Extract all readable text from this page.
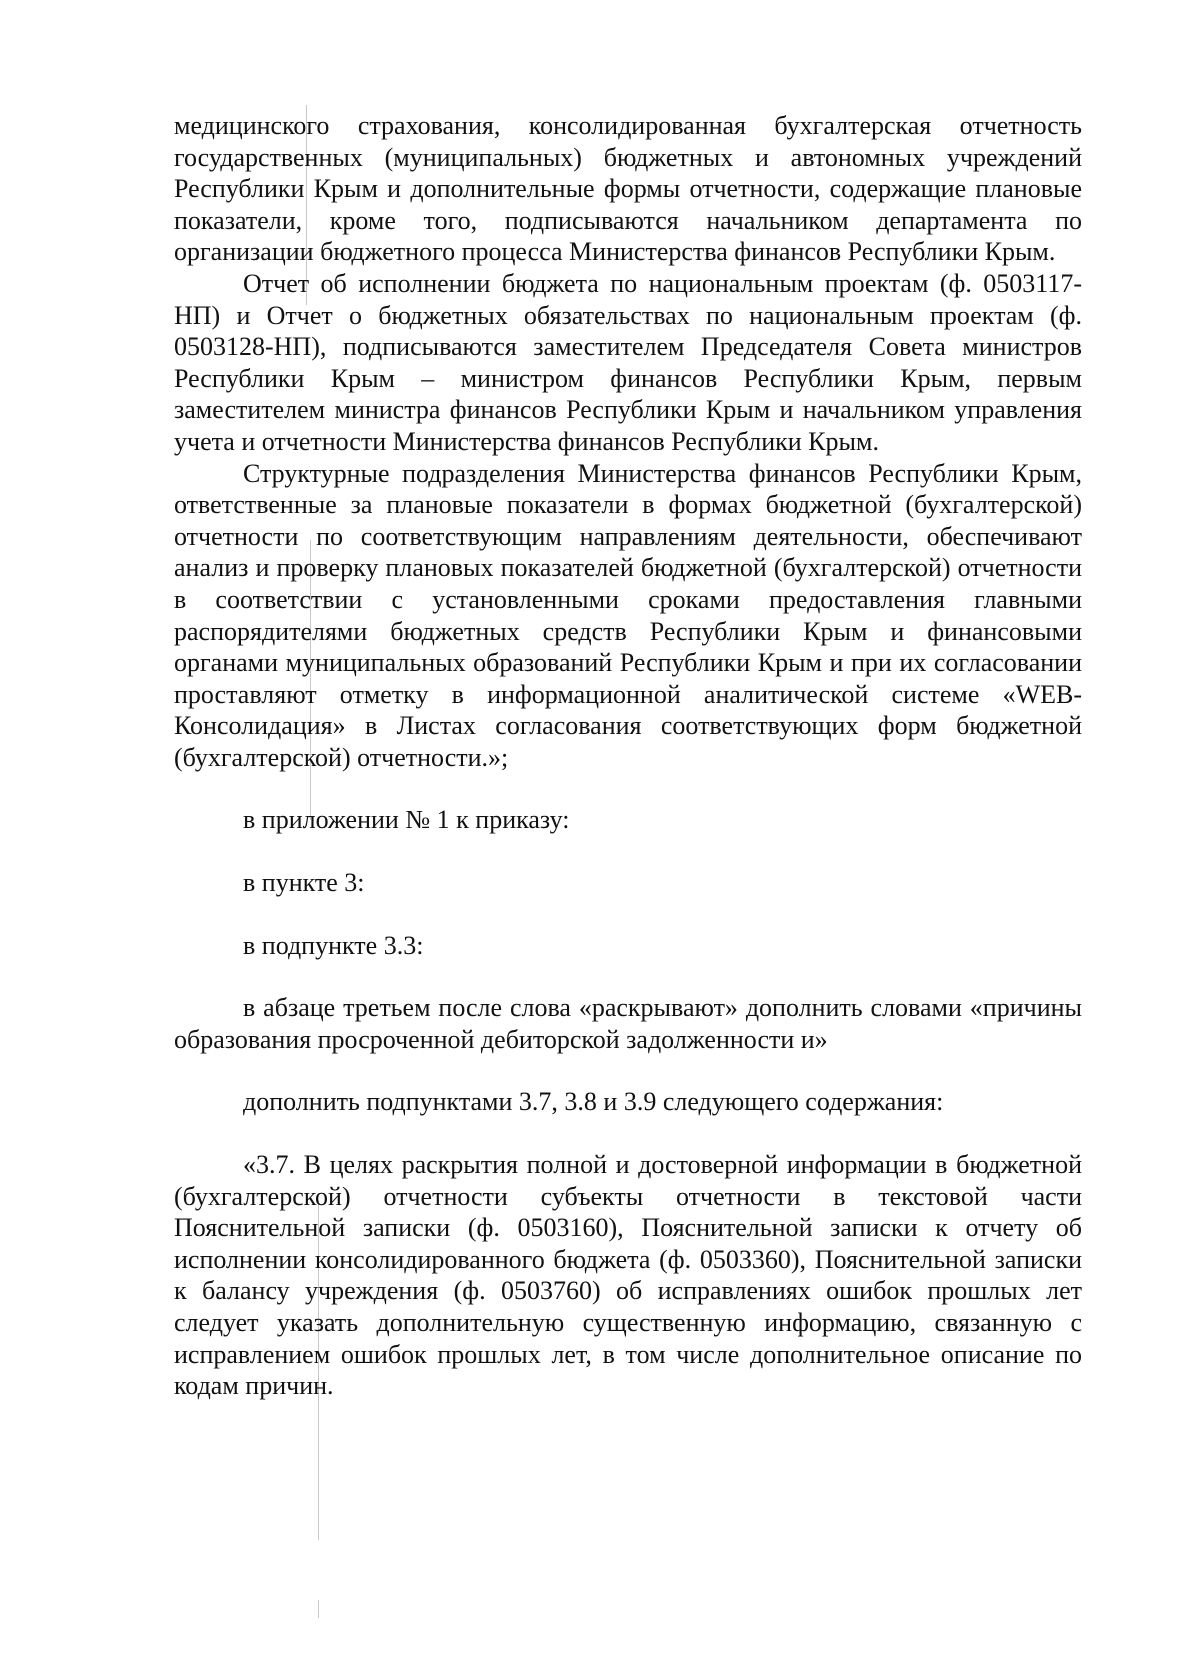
медицинского страхования, консолидированная бухгалтерская отчетность государственных (муниципальных) бюджетных и автономных учреждений Республики Крым и дополнительные формы отчетности, содержащие плановые показатели, кроме того, подписываются начальником департамента по организации бюджетного процесса Министерства финансов Республики Крым.

Отчет об исполнении бюджета по национальным проектам (ф. 0503117-НП) и Отчет о бюджетных обязательствах по национальным проектам (ф. 0503128-НП), подписываются заместителем Председателя Совета министров Республики Крым – министром финансов Республики Крым, первым заместителем министра финансов Республики Крым и начальником управления учета и отчетности Министерства финансов Республики Крым.

Структурные подразделения Министерства финансов Республики Крым, ответственные за плановые показатели в формах бюджетной (бухгалтерской) отчетности по соответствующим направлениям деятельности, обеспечивают анализ и проверку плановых показателей бюджетной (бухгалтерской) отчетности в соответствии с установленными сроками предоставления главными распорядителями бюджетных средств Республики Крым и финансовыми органами муниципальных образований Республики Крым и при их согласовании проставляют отметку в информационной аналитической системе «WEB-Консолидация» в Листах согласования соответствующих форм бюджетной (бухгалтерской) отчетности.»;

в приложении № 1 к приказу:

в пункте 3:

в подпункте 3.3:

в абзаце третьем после слова «раскрывают» дополнить словами «причины образования просроченной дебиторской задолженности и»

дополнить подпунктами 3.7, 3.8 и 3.9 следующего содержания:

«3.7. В целях раскрытия полной и достоверной информации в бюджетной (бухгалтерской) отчетности субъекты отчетности в текстовой части Пояснительной записки (ф. 0503160), Пояснительной записки к отчету об исполнении консолидированного бюджета (ф. 0503360), Пояснительной записки к балансу учреждения (ф. 0503760) об исправлениях ошибок прошлых лет следует указать дополнительную существенную информацию, связанную с исправлением ошибок прошлых лет, в том числе дополнительное описание по кодам причин.
